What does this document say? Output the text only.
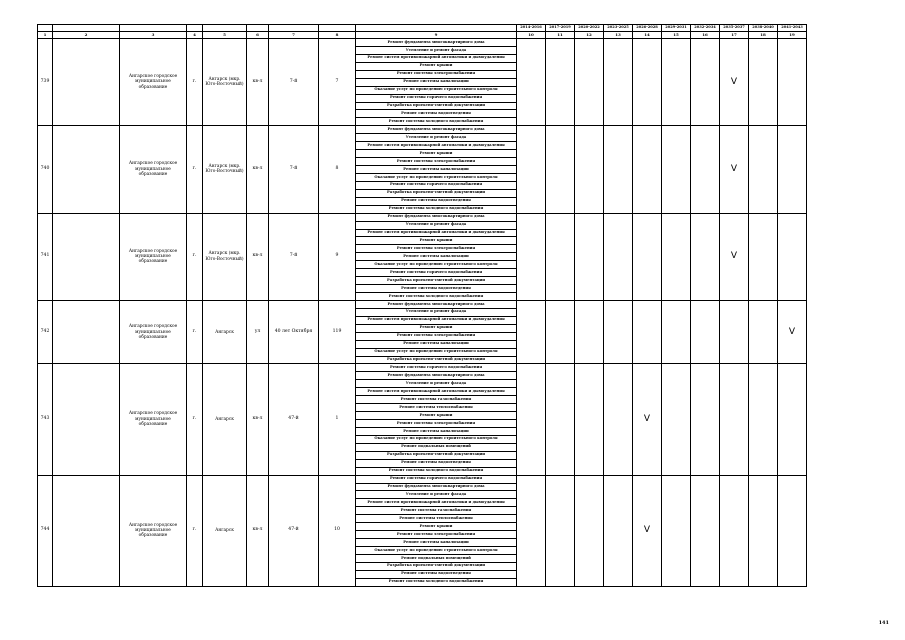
									2014-2016	2017-2019	2020-2022	2023-2025	2026-2028	2029-2031	2032-2034	2035-2037	2038-2040	2041-2043
1	2	3	4	5	6	7	8	9	10	11	12	13	14	15	16	17	18	19
739		Ангарское городское муниципальное образование	г.	Ангарск (мкр. Юго-Восточный)	кв-л	7-й	7	Ремонт фундамента многоквартирного дома								V		
								Утепление и ремонт фасада										
								Ремонт систем противопожарной автоматики и дымоудаления										
								Ремонт крыши										
								Ремонт системы электроснабжения										
								Ремонт системы канализации										
								Оказание услуг по проведению строительного контроля										
								Ремонт системы горячего водоснабжения										
								Разработка проектно-сметной документации										
								Ремонт системы водоотведения										
								Ремонт системы холодного водоснабжения										
740		Ангарское городское муниципальное образование	г.	Ангарск (мкр. Юго-Восточный)	кв-л	7-й	8	Ремонт фундамента многоквартирного дома								V		
								Утепление и ремонт фасада										
								Ремонт систем противопожарной автоматики и дымоудаления										
								Ремонт крыши										
								Ремонт системы электроснабжения										
								Ремонт системы канализации										
								Оказание услуг по проведению строительного контроля										
								Ремонт системы горячего водоснабжения										
								Разработка проектно-сметной документации										
								Ремонт системы водоотведения										
								Ремонт системы холодного водоснабжения										
741		Ангарское городское муниципальное образование	г.	Ангарск (мкр. Юго-Восточный)	кв-л	7-й	9	Ремонт фундамента многоквартирного дома								V		
								Утепление и ремонт фасада										
								Ремонт систем противопожарной автоматики и дымоудаления										
								Ремонт крыши										
								Ремонт системы электроснабжения										
								Ремонт системы канализации										
								Оказание услуг по проведению строительного контроля										
								Ремонт системы горячего водоснабжения										
								Разработка проектно-сметной документации										
								Ремонт системы водоотведения										
								Ремонт системы холодного водоснабжения										
742		Ангарское городское муниципальное образование	г.	Ангарск	ул	40 лет Октября	119	Ремонт фундамента многоквартирного дома										V
								Утепление и ремонт фасада										
								Ремонт систем противопожарной автоматики и дымоудаления										
								Ремонт крыши										
								Ремонт системы электроснабжения										
								Ремонт системы канализации										
								Оказание услуг по проведению строительного контроля										
								Разработка проектно-сметной документации										
743		Ангарское городское муниципальное образование	г.	Ангарск	кв-л	47-й	1	Ремонт системы горячего водоснабжения					V					
								Ремонт фундамента многоквартирного дома										
								Утепление и ремонт фасада										
								Ремонт систем противопожарной автоматики и дымоудаления										
								Ремонт системы газоснабжения										
								Ремонт системы теплоснабжения										
								Ремонт крыши										
								Ремонт системы электроснабжения										
								Ремонт системы канализации										
								Оказание услуг по проведению строительного контроля										
								Ремонт подвальных помещений										
								Разработка проектно-сметной документации										
								Ремонт системы водоотведения										
								Ремонт системы холодного водоснабжения										
744		Ангарское городское муниципальное образование	г.	Ангарск	кв-л	47-й	10	Ремонт системы горячего водоснабжения					V					
								Ремонт фундамента многоквартирного дома										
								Утепление и ремонт фасада										
								Ремонт систем противопожарной автоматики и дымоудаления										
								Ремонт системы газоснабжения										
								Ремонт системы теплоснабжения										
								Ремонт крыши										
								Ремонт системы электроснабжения										
								Ремонт системы канализации										
								Оказание услуг по проведению строительного контроля										
								Ремонт подвальных помещений										
								Разработка проектно-сметной документации										
								Ремонт системы водоотведения										
								Ремонт системы холодного водоснабжения										
141
